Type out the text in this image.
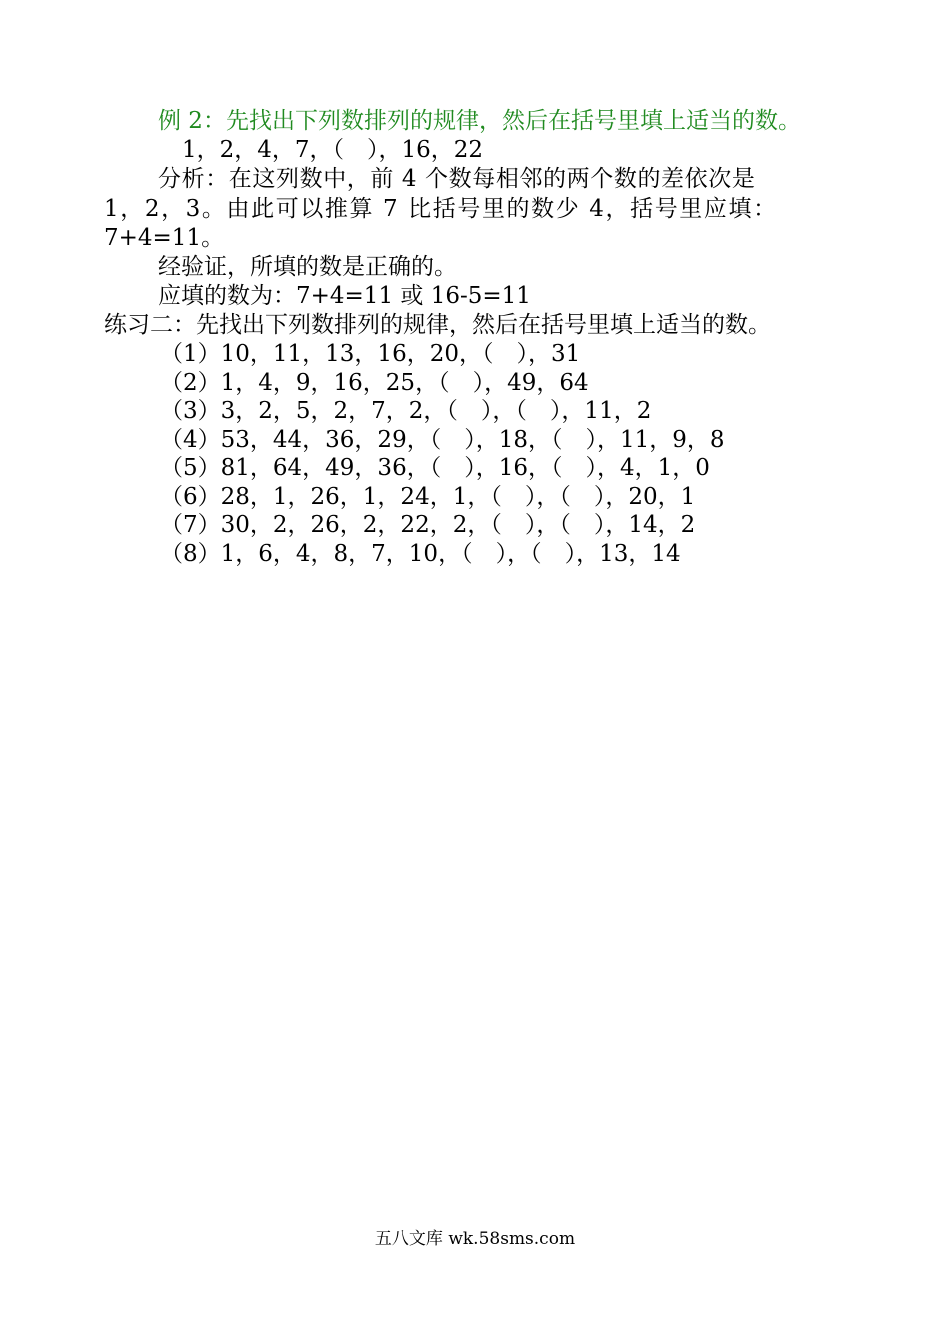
例 2：先找出下列数排列的规律，然后在括号里填上适当的数。
1，2，4，7，（　），16，22
分析：在这列数中，前 4 个数每相邻的两个数的差依次是
1，2，3。由此可以推算 7 比括号里的数少 4，括号里应填：
7+4=11。
经验证，所填的数是正确的。
应填的数为：7+4=11 或 16-5=11
练习二：先找出下列数排列的规律，然后在括号里填上适当的数。
（1）10，11，13，16，20，（　），31
（2）1，4，9，16，25，（　），49，64
（3）3，2，5，2，7，2，（　），（　），11，2
（4）53，44，36，29，（　），18，（　），11，9，8
（5）81，64，49，36，（　），16，（　），4，1，0
（6）28，1，26，1，24，1，（　），（　），20，1
（7）30，2，26，2，22，2，（　），（　），14，2
（8）1，6，4，8，7，10，（　），（　），13，14
五八文库 wk.58sms.com
